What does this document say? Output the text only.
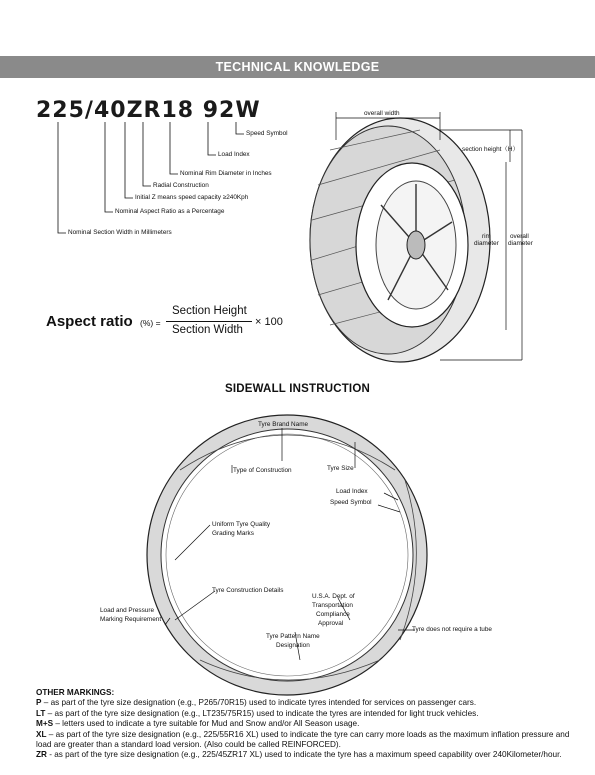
TECHNICAL KNOWLEDGE
225/40ZR18 92W
Speed Symbol
Load Index
Nominal Rim Diameter in Inches
Radial Construction
Initial Z means speed capacity ≥240Kph
Nominal Aspect Ratio as a Percentage
Nominal Section Width in Millimeters
overall width
section height（H）
rim
diameter
overall
diameter
Aspect ratio (%) =
Section Height
Section Width
× 100
SIDEWALL INSTRUCTION
Tyre Brand Name
Type of Construction	Tyre Size
Load Index
Speed Symbol
Uniform Tyre Quality
Grading Marks
Tyre Construction Details
Load and Pressure
Marking Requirement
U.S.A. Dept. of
Transportation
Compliance
Approval
Tyre does not require a tube
Tyre Pattern Name
Designation
OTHER MARKINGS:
P – as part of the tyre size designation (e.g., P265/70R15) used to indicate tyres intended for services on passenger cars.
LT – as part of the tyre size designation (e.g., LT235/75R15) used to indicate the tyres are intended for light truck vehicles.
M+S – letters used to indicate a tyre suitable for Mud and Snow and/or All Season usage.
XL – as part of the tyre size designation (e.g., 225/55R16 XL) used to indicate the tyre can carry more loads as the maximum inflation pressure and load are greater than a standard load version. (Also could be called REINFORCED).
ZR - as part of the tyre size designation (e.g., 225/45ZR17 XL) used to indicate the tyre has a maximum speed capability over 240Kilometer/hour.
